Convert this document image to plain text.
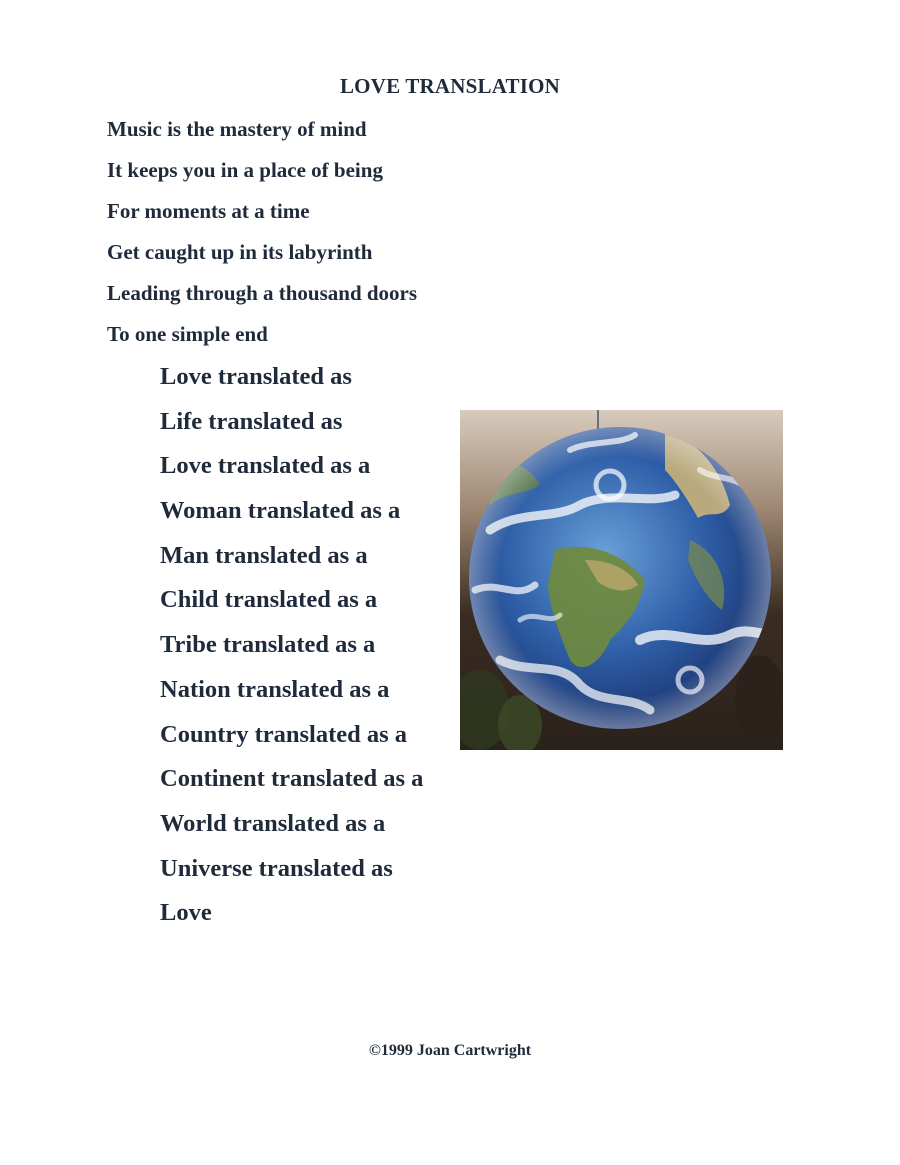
LOVE TRANSLATION
Music is the mastery of mind
It keeps you in a place of being
For moments at a time
Get caught up in its labyrinth
Leading through a thousand doors
To one simple end
Love translated as
Life translated as
Love translated as a
Woman translated as a
Man translated as a
Child translated as a
Tribe translated as a
Nation translated as a
Country translated as a
Continent translated as a
World translated as a
Universe translated as
Love

©1999 Joan Cartwright
